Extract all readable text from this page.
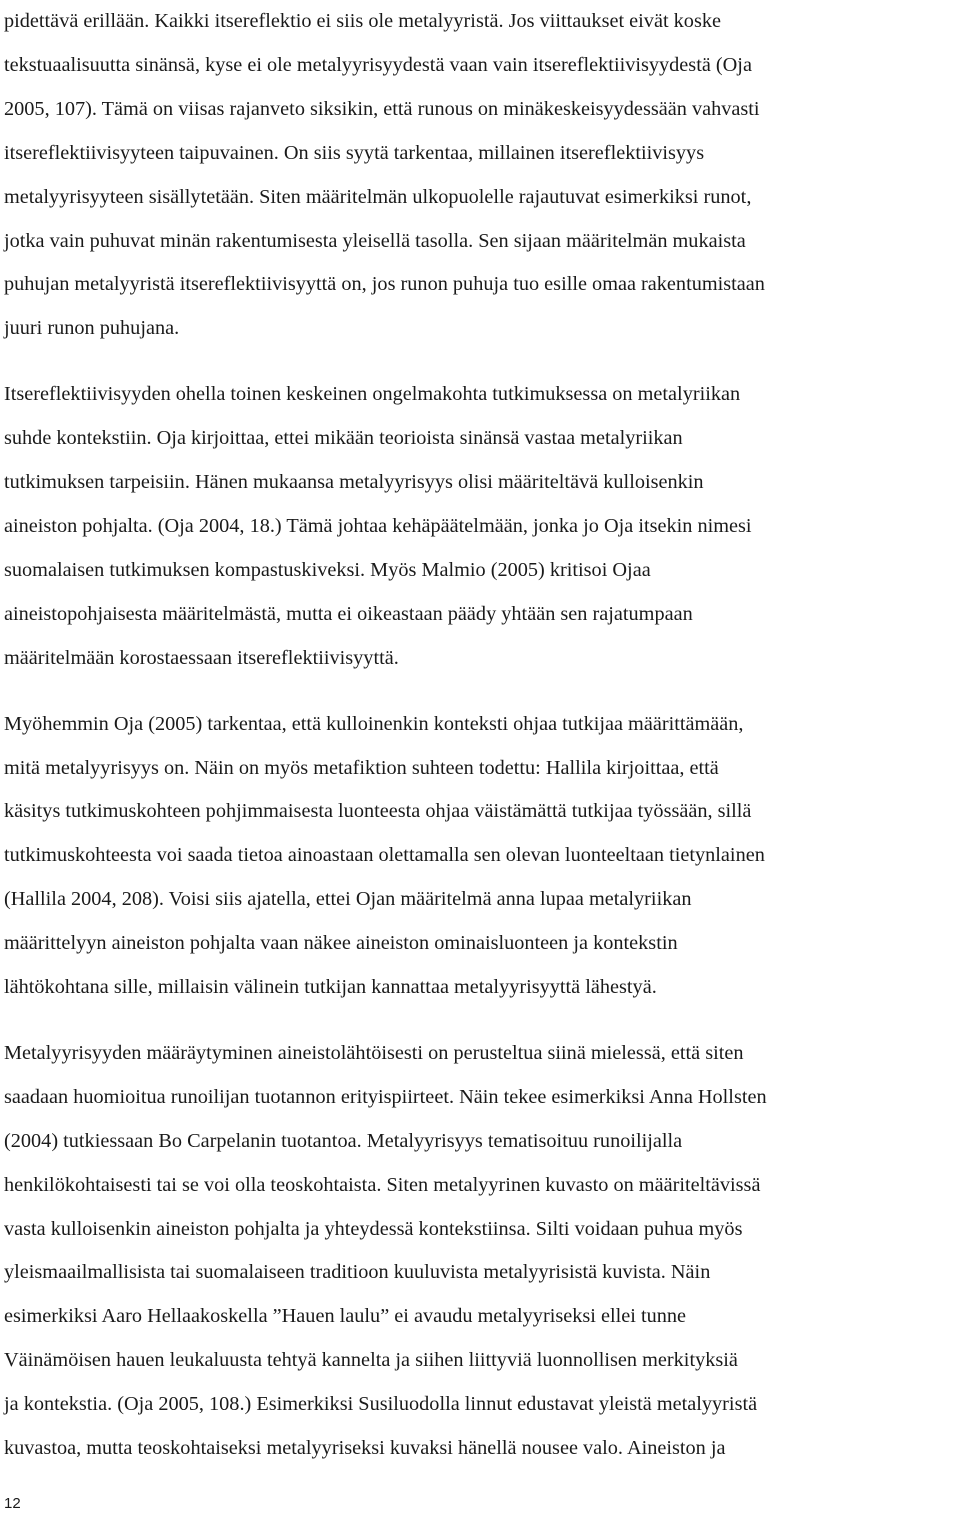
pidettävä erillään. Kaikki itsereflektio ei siis ole metalyyristä. Jos viittaukset eivät koske
tekstuaalisuutta sinänsä, kyse ei ole metalyyrisyydestä vaan vain itsereflektiivisyydestä (Oja
2005, 107). Tämä on viisas rajanveto siksikin, että runous on minäkeskeisyydessään vahvasti
itsereflektiivisyyteen taipuvainen. On siis syytä tarkentaa, millainen itsereflektiivisyys
metalyyrisyyteen sisällytetään. Siten määritelmän ulkopuolelle rajautuvat esimerkiksi runot,
jotka vain puhuvat minän rakentumisesta yleisellä tasolla. Sen sijaan määritelmän mukaista
puhujan metalyyristä itsereflektiivisyyttä on, jos runon puhuja tuo esille omaa rakentumistaan
juuri runon puhujana.
Itsereflektiivisyyden ohella toinen keskeinen ongelmakohta tutkimuksessa on metalyriikan
suhde kontekstiin. Oja kirjoittaa, ettei mikään teorioista sinänsä vastaa metalyriikan
tutkimuksen tarpeisiin. Hänen mukaansa metalyyrisyys olisi määriteltävä kulloisenkin
aineiston pohjalta. (Oja 2004, 18.) Tämä johtaa kehäpäätelmään, jonka jo Oja itsekin nimesi
suomalaisen tutkimuksen kompastuskiveksi. Myös Malmio (2005) kritisoi Ojaa
aineistopohjaisesta määritelmästä, mutta ei oikeastaan päädy yhtään sen rajatumpaan
määritelmään korostaessaan itsereflektiivisyyttä.
Myöhemmin Oja (2005) tarkentaa, että kulloinenkin konteksti ohjaa tutkijaa määrittämään,
mitä metalyyrisyys on. Näin on myös metafiktion suhteen todettu: Hallila kirjoittaa, että
käsitys tutkimuskohteen pohjimmaisesta luonteesta ohjaa väistämättä tutkijaa työssään, sillä
tutkimuskohteesta voi saada tietoa ainoastaan olettamalla sen olevan luonteeltaan tietynlainen
(Hallila 2004, 208). Voisi siis ajatella, ettei Ojan määritelmä anna lupaa metalyriikan
määrittelyyn aineiston pohjalta vaan näkee aineiston ominaisluonteen ja kontekstin
lähtökohtana sille, millaisin välinein tutkijan kannattaa metalyyrisyyttä lähestyä.
Metalyyrisyyden määräytyminen aineistolähtöisesti on perusteltua siinä mielessä, että siten
saadaan huomioitua runoilijan tuotannon erityispiirteet. Näin tekee esimerkiksi Anna Hollsten
(2004) tutkiessaan Bo Carpelanin tuotantoa. Metalyyrisyys tematisoituu runoilijalla
henkilökohtaisesti tai se voi olla teoskohtaista. Siten metalyyrinen kuvasto on määriteltävissä
vasta kulloisenkin aineiston pohjalta ja yhteydessä kontekstiinsa. Silti voidaan puhua myös
yleismaailmallisista tai suomalaiseen traditioon kuuluvista metalyyrisistä kuvista. Näin
esimerkiksi Aaro Hellaakoskella ”Hauen laulu” ei avaudu metalyyriseksi ellei tunne
Väinämöisen hauen leukaluusta tehtyä kannelta ja siihen liittyviä luonnollisen merkityksiä
ja kontekstia. (Oja 2005, 108.) Esimerkiksi Susiluodolla linnut edustavat yleistä metalyyristä
kuvastoa, mutta teoskohtaiseksi metalyyriseksi kuvaksi hänellä nousee valo. Aineiston ja
12
